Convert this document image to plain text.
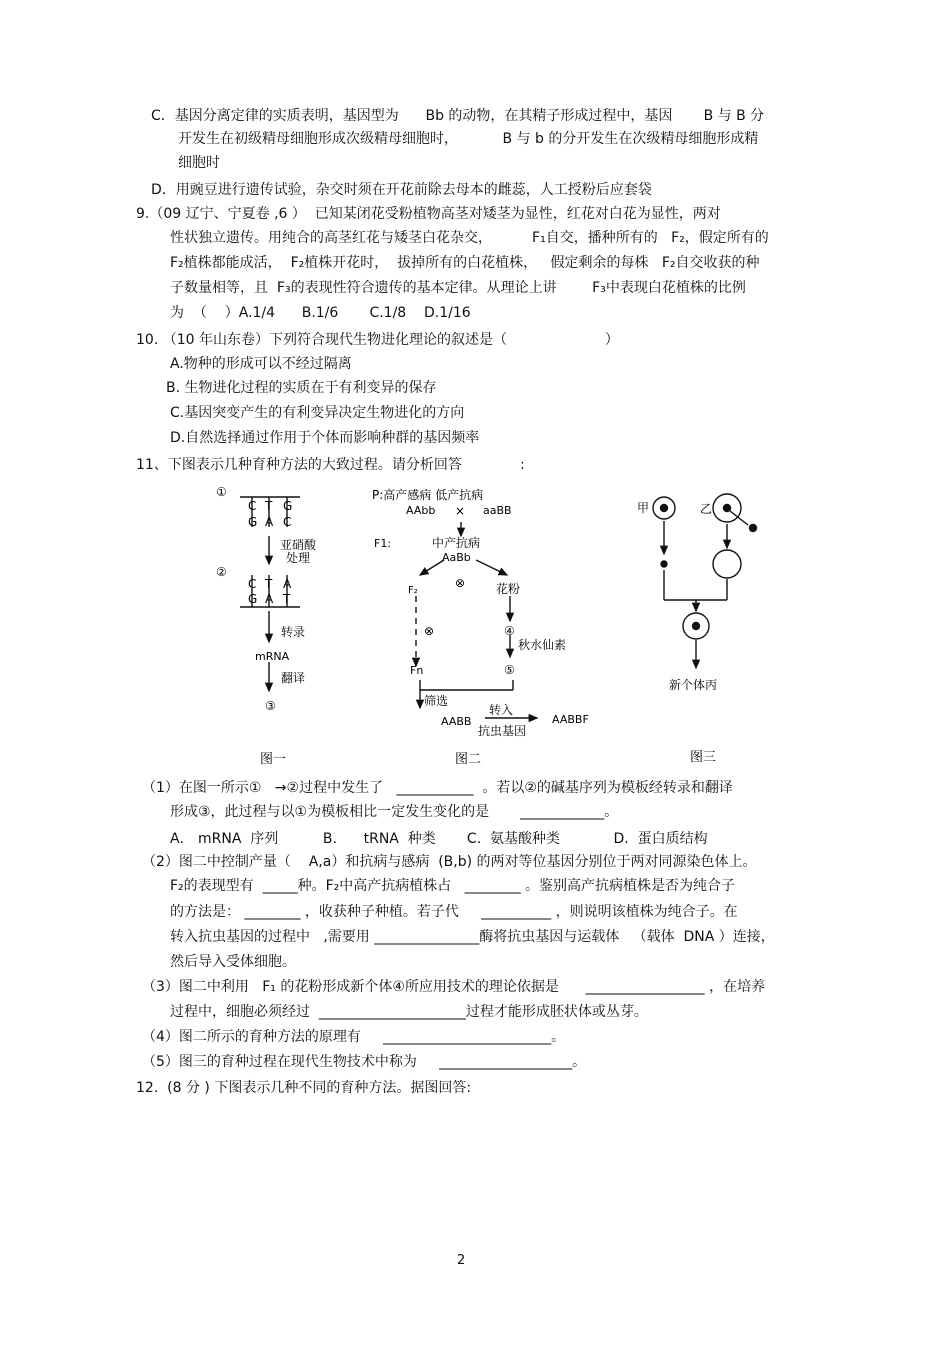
C．基因分离定律的实质表明，基因型为      Bb 的动物，在其精子形成过程中，基因       B 与 B 分
开发生在初级精母细胞形成次级精母细胞时，          B 与 b 的分开发生在次级精母细胞形成精
细胞时
D．用豌豆进行遗传试验，杂交时须在开花前除去母本的雌蕊，人工授粉后应套袋
9.（09 辽宁、宁夏卷 ,6 ）  已知某闭花受粉植物高茎对矮茎为显性，红花对白花为显性，两对
性状独立遗传。用纯合的高茎红花与矮茎白花杂交，         F₁自交，播种所有的   F₂，假定所有的
F₂植株都能成活，  F₂植株开花时，  拔掉所有的白花植株，   假定剩余的每株   F₂自交收获的种
子数量相等，且  F₃的表现性符合遗传的基本定律。从理论上讲        F₃中表现白花植株的比例
为  （    ）A.1/4      B.1/6       C.1/8    D.1/16
10. （10 年山东卷）下列符合现代生物进化理论的叙述是（                      ）
A.物种的形成可以不经过隔离
B. 生物进化过程的实质在于有利变异的保存
C.基因突变产生的有利变异决定生物进化的方向
D.自然选择通过作用于个体而影响种群的基因频率
11、下图表示几种育种方法的大致过程。请分析回答	:
①
C T G
G A C
亚硝酸
处理
②
C T A
G A T
转录
mRNA
翻译
③
图一
P:高产感病 低产抗病
AAbb × aaBB
F1:	中产抗病
AaBb
⊗
F₂	花粉
⊗	④
秋水仙素
Fn	⑤
筛选
AABB
转入
抗虫基因
AABBF
图二
甲	乙
新个体丙
图三
（1）在图一所示①   →②过程中发生了   ___________  。若以②的碱基序列为模板经转录和翻译
形成③，此过程与以①为模板相比一定发生变化的是       ____________。
A． mRNA  序列          B.      tRNA  种类       C.  氨基酸种类            D.  蛋白质结构
（2）图二中控制产量（    A,a）和抗病与感病  (B,b) 的两对等位基因分别位于两对同源染色体上。
F₂的表现型有  _____种。F₂中高产抗病植株占   ________ 。鉴别高产抗病植株是否为纯合子
的方法是： ________ ，收获种子种植。若子代     __________ ，则说明该植株为纯合子。在
转入抗虫基因的过程中   ,需要用 _______________酶将抗虫基因与运载体   （载体  DNA ）连接，
然后导入受体细胞。
（3）图二中利用   F₁ 的花粉形成新个体④所应用技术的理论依据是      _________________ ，在培养
过程中，细胞必须经过  _____________________过程才能形成胚状体或丛芽。
（4）图二所示的育种方法的原理有     ________________________。
（5）图三的育种过程在现代生物技术中称为     ___________________。
12.  (8 分 ) 下图表示几种不同的育种方法。据图回答:
2
